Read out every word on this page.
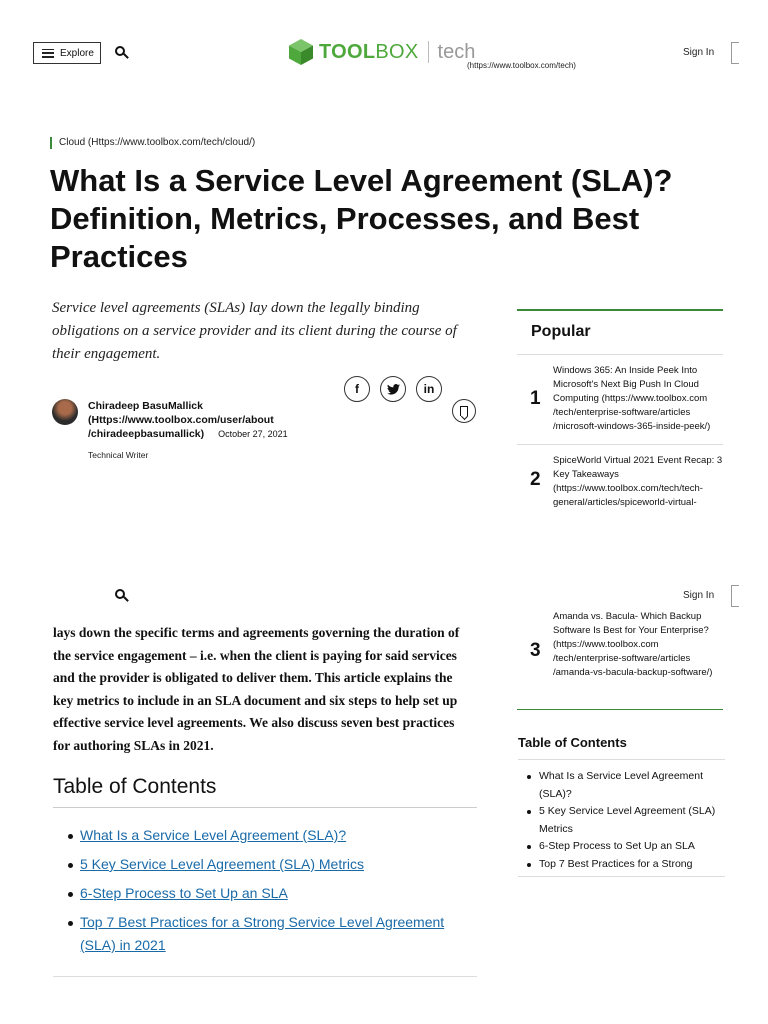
Explore	TOOLBOX tech
(https://www.toolbox.com/tech)
Sign In
Cloud (Https://www.toolbox.com/tech/cloud/)
What Is a Service Level Agreement (SLA)? Definition, Metrics, Processes, and Best Practices
Service level agreements (SLAs) lay down the legally binding obligations on a service provider and its client during the course of their engagement.
Chiradeep BasuMallick
(Https://www.toolbox.com/user/about
/chiradeepbasumallick) October 27, 2021
Technical Writer
f	in
Popular
1
Windows 365: An Inside Peek Into Microsoft's Next Big Push In Cloud Computing (https://www.toolbox.com /tech/enterprise-software/articles /microsoft-windows-365-inside-peek/)
2
SpiceWorld Virtual 2021 Event Recap: 3 Key Takeaways (https://www.toolbox.com/tech/tech-general/articles/spiceworld-virtual-
Sign In
3
Amanda vs. Bacula- Which Backup Software Is Best for Your Enterprise? (https://www.toolbox.com /tech/enterprise-software/articles /amanda-vs-bacula-backup-software/)
lays down the specific terms and agreements governing the duration of the service engagement – i.e. when the client is paying for said services and the provider is obligated to deliver them. This article explains the key metrics to include in an SLA document and six steps to help set up effective service level agreements. We also discuss seven best practices for authoring SLAs in 2021.
Table of Contents
What Is a Service Level Agreement (SLA)?
5 Key Service Level Agreement (SLA) Metrics
6-Step Process to Set Up an SLA
Top 7 Best Practices for a Strong Service Level Agreement (SLA) in 2021
Table of Contents
What Is a Service Level Agreement (SLA)?
5 Key Service Level Agreement (SLA) Metrics
6-Step Process to Set Up an SLA
Top 7 Best Practices for a Strong
